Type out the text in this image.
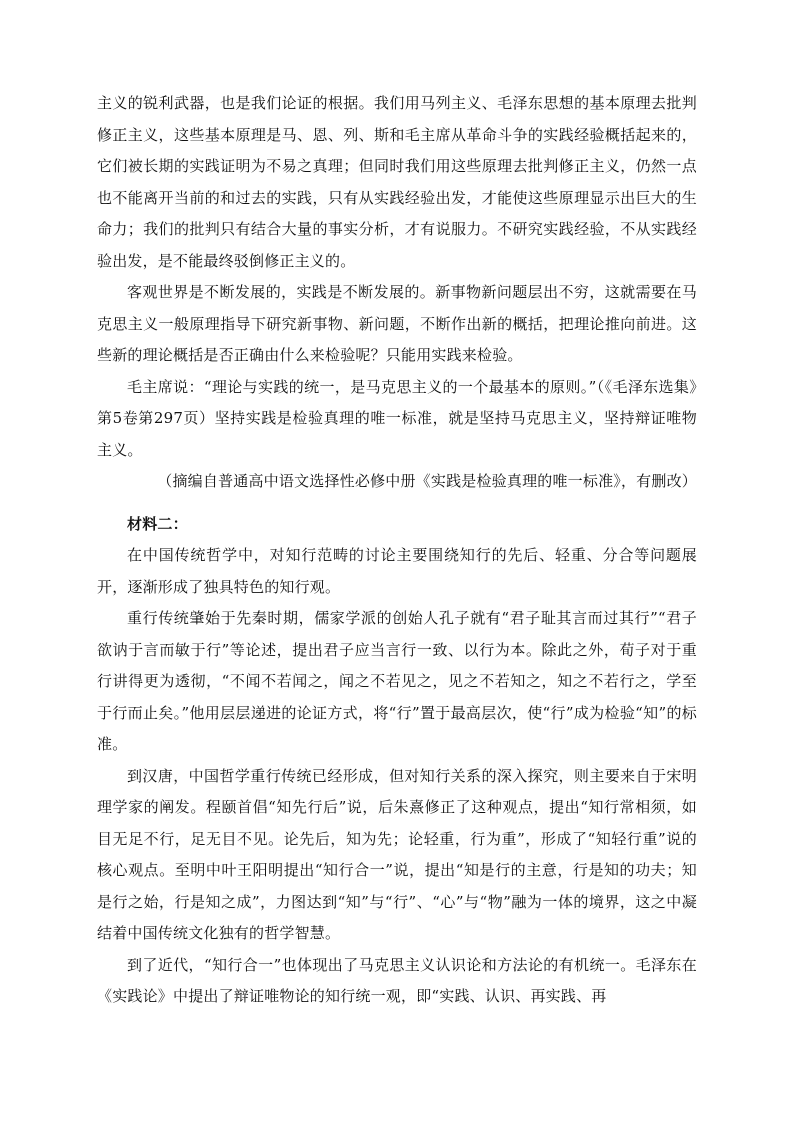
主义的锐利武器，也是我们论证的根据。我们用马列主义、毛泽东思想的基本原理去批判修正主义，这些基本原理是马、恩、列、斯和毛主席从革命斗争的实践经验概括起来的，它们被长期的实践证明为不易之真理；但同时我们用这些原理去批判修正主义，仍然一点也不能离开当前的和过去的实践，只有从实践经验出发，才能使这些原理显示出巨大的生命力；我们的批判只有结合大量的事实分析，才有说服力。不研究实践经验，不从实践经验出发，是不能最终驳倒修正主义的。

客观世界是不断发展的，实践是不断发展的。新事物新问题层出不穷，这就需要在马克思主义一般原理指导下研究新事物、新问题，不断作出新的概括，把理论推向前进。这些新的理论概括是否正确由什么来检验呢？只能用实践来检验。

毛主席说：“理论与实践的统一，是马克思主义的一个最基本的原则。”（《毛泽东选集》第5卷第297页）坚持实践是检验真理的唯一标准，就是坚持马克思主义，坚持辩证唯物主义。

（摘编自普通高中语文选择性必修中册《实践是检验真理的唯一标准》，有删改）

材料二：

在中国传统哲学中，对知行范畴的讨论主要围绕知行的先后、轻重、分合等问题展开，逐渐形成了独具特色的知行观。

重行传统肇始于先秦时期，儒家学派的创始人孔子就有“君子耻其言而过其行”“君子欲讷于言而敏于行”等论述，提出君子应当言行一致、以行为本。除此之外，荀子对于重行讲得更为透彻，“不闻不若闻之，闻之不若见之，见之不若知之，知之不若行之，学至于行而止矣。”他用层层递进的论证方式，将“行”置于最高层次，使“行”成为检验“知”的标准。

到汉唐，中国哲学重行传统已经形成，但对知行关系的深入探究，则主要来自于宋明理学家的阐发。程颐首倡“知先行后”说，后朱熹修正了这种观点，提出“知行常相须，如目无足不行，足无目不见。论先后，知为先；论轻重，行为重”，形成了“知轻行重”说的核心观点。至明中叶王阳明提出“知行合一”说，提出“知是行的主意，行是知的功夫；知是行之始，行是知之成”，力图达到“知”与“行”、“心”与“物”融为一体的境界，这之中凝结着中国传统文化独有的哲学智慧。

到了近代，“知行合一”也体现出了马克思主义认识论和方法论的有机统一。毛泽东在《实践论》中提出了辩证唯物论的知行统一观，即“实践、认识、再实践、再
